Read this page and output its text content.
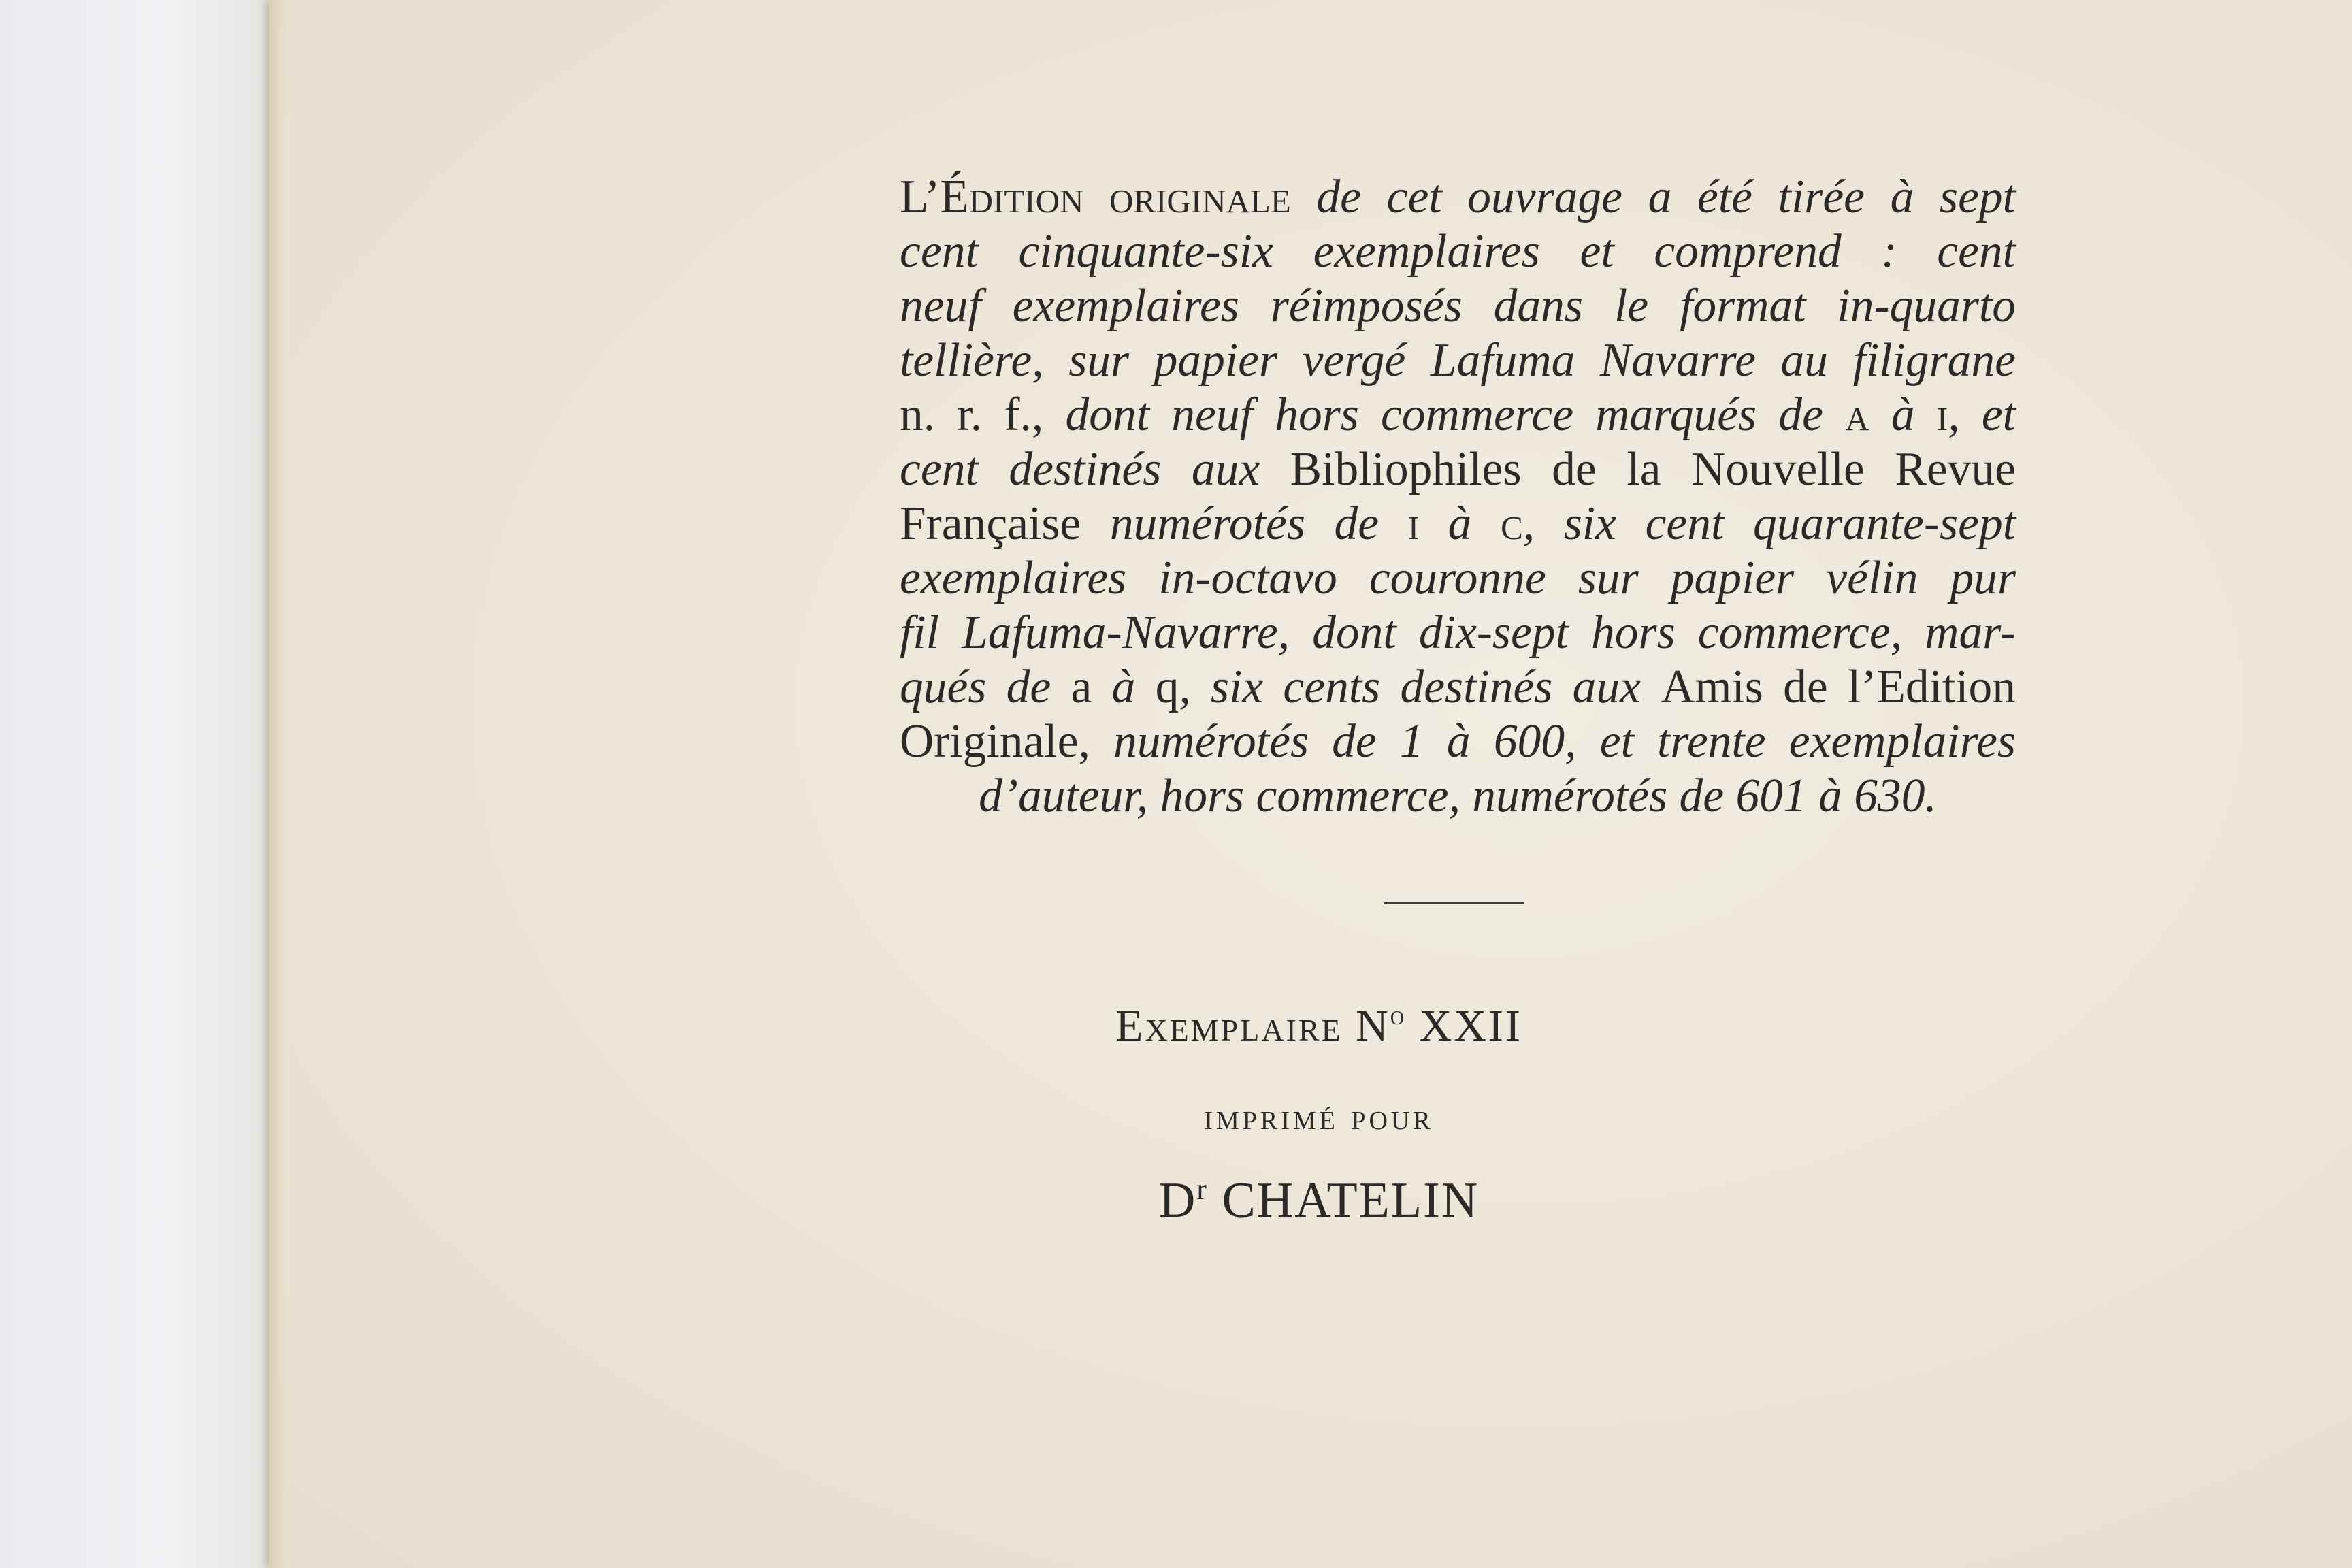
L’Édition originale de cet ouvrage a été tirée à sept
cent cinquante-six exemplaires et comprend : cent
neuf exemplaires réimposés dans le format in-quarto
tellière, sur papier vergé Lafuma Navarre au filigrane
n. r. f., dont neuf hors commerce marqués de a à i, et
cent destinés aux Bibliophiles de la Nouvelle Revue
Française numérotés de i à c, six cent quarante-sept
exemplaires in-octavo couronne sur papier vélin pur
fil Lafuma-Navarre, dont dix-sept hors commerce, mar-
qués de a à q, six cents destinés aux Amis de l’Edition
Originale, numérotés de 1 à 600, et trente exemplaires
d’auteur, hors commerce, numérotés de 601 à 630.
Exemplaire $N^o$ XXII
imprimé pour
$D^r$ CHATELIN
